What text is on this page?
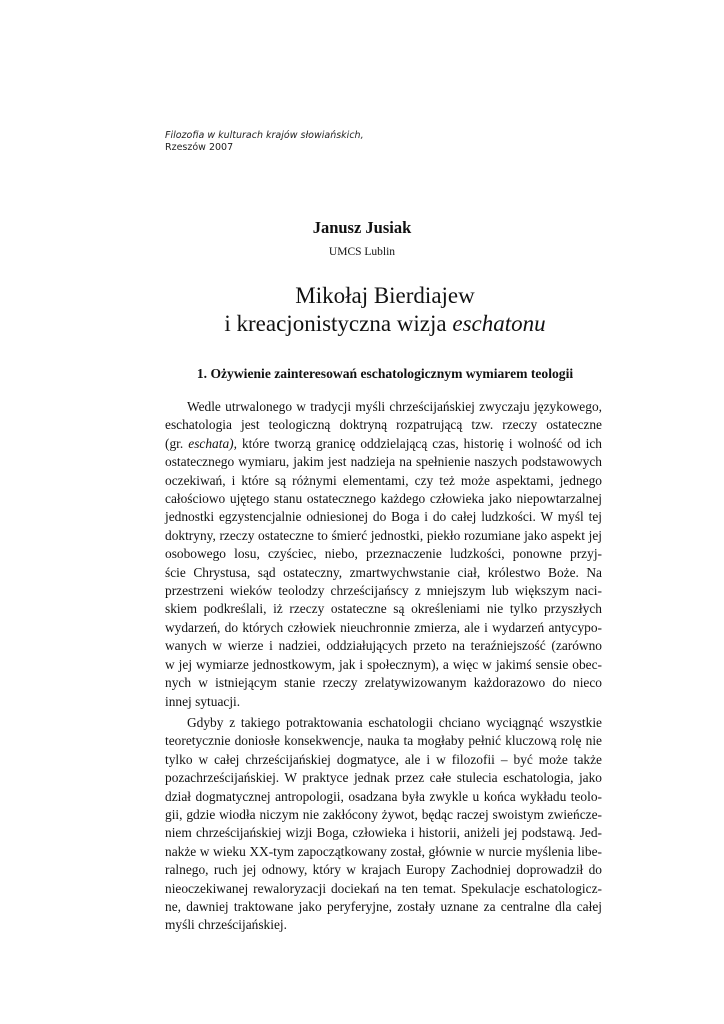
Filozofia w kulturach krajów słowiańskich,
Rzeszów 2007
Janusz Jusiak
UMCS Lublin
Mikołaj Bierdiajew
i kreacjonistyczna wizja eschatonu
1. Ożywienie zainteresowań eschatologicznym wymiarem teologii
Wedle utrwalonego w tradycji myśli chrześcijańskiej zwyczaju językowego,
eschatologia jest teologiczną doktryną rozpatrującą tzw. rzeczy ostateczne
(gr. eschata), które tworzą granicę oddzielającą czas, historię i wolność od ich
ostatecznego wymiaru, jakim jest nadzieja na spełnienie naszych podstawowych
oczekiwań, i które są różnymi elementami, czy też może aspektami, jednego
całościowo ujętego stanu ostatecznego każdego człowieka jako niepowtarzalnej
jednostki egzystencjalnie odniesionej do Boga i do całej ludzkości. W myśl tej
doktryny, rzeczy ostateczne to śmierć jednostki, piekło rozumiane jako aspekt jej
osobowego losu, czyściec, niebo, przeznaczenie ludzkości, ponowne przyj-
ście Chrystusa, sąd ostateczny, zmartwychwstanie ciał, królestwo Boże. Na
przestrzeni wieków teolodzy chrześcijańscy z mniejszym lub większym naci-
skiem podkreślali, iż rzeczy ostateczne są określeniami nie tylko przyszłych
wydarzeń, do których człowiek nieuchronnie zmierza, ale i wydarzeń antycypo-
wanych w wierze i nadziei, oddziałujących przeto na teraźniejszość (zarówno
w jej wymiarze jednostkowym, jak i społecznym), a więc w jakimś sensie obec-
nych w istniejącym stanie rzeczy zrelatywizowanym każdorazowo do nieco
innej sytuacji.
Gdyby z takiego potraktowania eschatologii chciano wyciągnąć wszystkie
teoretycznie doniosłe konsekwencje, nauka ta mogłaby pełnić kluczową rolę nie
tylko w całej chrześcijańskiej dogmatyce, ale i w filozofii – być może także
pozachrześcijańskiej. W praktyce jednak przez całe stulecia eschatologia, jako
dział dogmatycznej antropologii, osadzana była zwykle u końca wykładu teolo-
gii, gdzie wiodła niczym nie zakłócony żywot, będąc raczej swoistym zwieńcze-
niem chrześcijańskiej wizji Boga, człowieka i historii, aniżeli jej podstawą. Jed-
nakże w wieku XX-tym zapoczątkowany został, głównie w nurcie myślenia libe-
ralnego, ruch jej odnowy, który w krajach Europy Zachodniej doprowadził do
nieoczekiwanej rewaloryzacji dociekań na ten temat. Spekulacje eschatologicz-
ne, dawniej traktowane jako peryferyjne, zostały uznane za centralne dla całej
myśli chrześcijańskiej.
